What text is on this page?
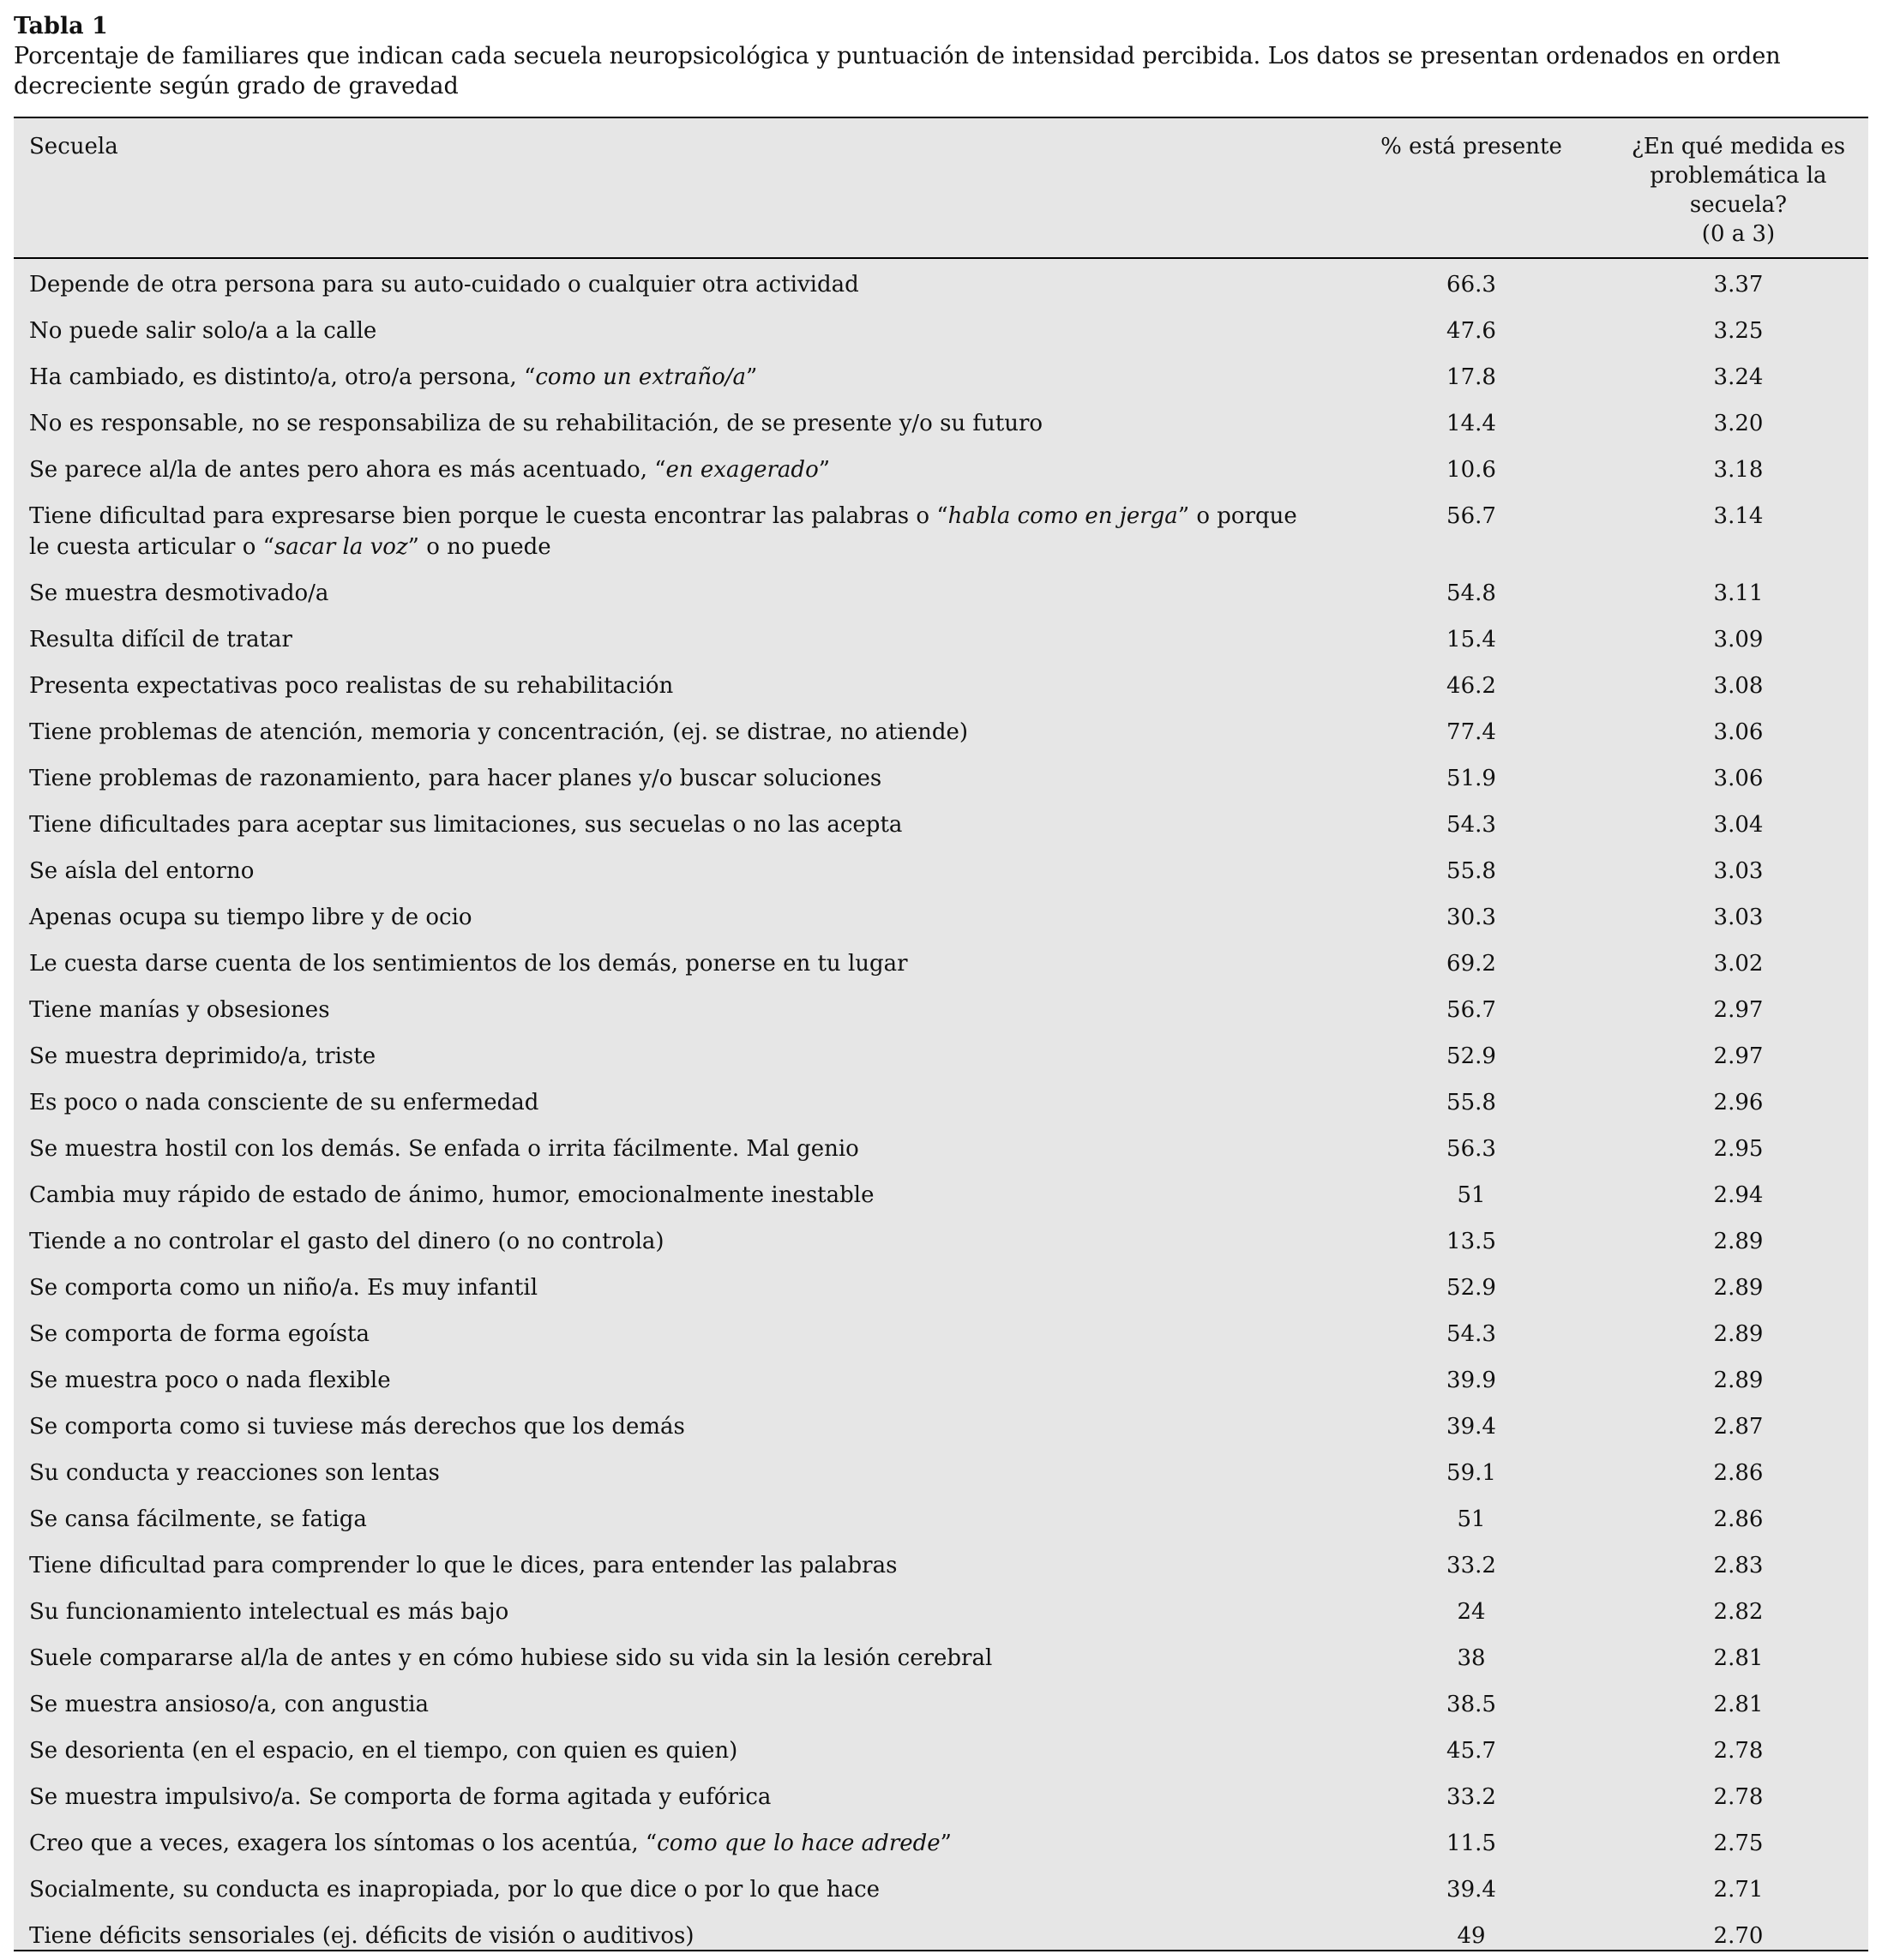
Tabla 1
Porcentaje de familiares que indican cada secuela neuropsicológica y puntuación de intensidad percibida. Los datos se presentan ordenados en orden decreciente según grado de gravedad
Secuela	% está presente	¿En qué medida es
problemática la secuela?
(0 a 3)
Depende de otra persona para su auto-cuidado o cualquier otra actividad	66.3	3.37
No puede salir solo/a a la calle	47.6	3.25
Ha cambiado, es distinto/a, otro/a persona, “como un extraño/a”	17.8	3.24
No es responsable, no se responsabiliza de su rehabilitación, de se presente y/o su futuro	14.4	3.20
Se parece al/la de antes pero ahora es más acentuado, “en exagerado”	10.6	3.18
Tiene dificultad para expresarse bien porque le cuesta encontrar las palabras o “habla como en jerga” o porque le cuesta articular o “sacar la voz” o no puede	56.7	3.14
Se muestra desmotivado/a	54.8	3.11
Resulta difícil de tratar	15.4	3.09
Presenta expectativas poco realistas de su rehabilitación	46.2	3.08
Tiene problemas de atención, memoria y concentración, (ej. se distrae, no atiende)	77.4	3.06
Tiene problemas de razonamiento, para hacer planes y/o buscar soluciones	51.9	3.06
Tiene dificultades para aceptar sus limitaciones, sus secuelas o no las acepta	54.3	3.04
Se aísla del entorno	55.8	3.03
Apenas ocupa su tiempo libre y de ocio	30.3	3.03
Le cuesta darse cuenta de los sentimientos de los demás, ponerse en tu lugar	69.2	3.02
Tiene manías y obsesiones	56.7	2.97
Se muestra deprimido/a, triste	52.9	2.97
Es poco o nada consciente de su enfermedad	55.8	2.96
Se muestra hostil con los demás. Se enfada o irrita fácilmente. Mal genio	56.3	2.95
Cambia muy rápido de estado de ánimo, humor, emocionalmente inestable	51	2.94
Tiende a no controlar el gasto del dinero (o no controla)	13.5	2.89
Se comporta como un niño/a. Es muy infantil	52.9	2.89
Se comporta de forma egoísta	54.3	2.89
Se muestra poco o nada flexible	39.9	2.89
Se comporta como si tuviese más derechos que los demás	39.4	2.87
Su conducta y reacciones son lentas	59.1	2.86
Se cansa fácilmente, se fatiga	51	2.86
Tiene dificultad para comprender lo que le dices, para entender las palabras	33.2	2.83
Su funcionamiento intelectual es más bajo	24	2.82
Suele compararse al/la de antes y en cómo hubiese sido su vida sin la lesión cerebral	38	2.81
Se muestra ansioso/a, con angustia	38.5	2.81
Se desorienta (en el espacio, en el tiempo, con quien es quien)	45.7	2.78
Se muestra impulsivo/a. Se comporta de forma agitada y eufórica	33.2	2.78
Creo que a veces, exagera los síntomas o los acentúa, “como que lo hace adrede”	11.5	2.75
Socialmente, su conducta es inapropiada, por lo que dice o por lo que hace	39.4	2.71
Tiene déficits sensoriales (ej. déficits de visión o auditivos)	49	2.70
